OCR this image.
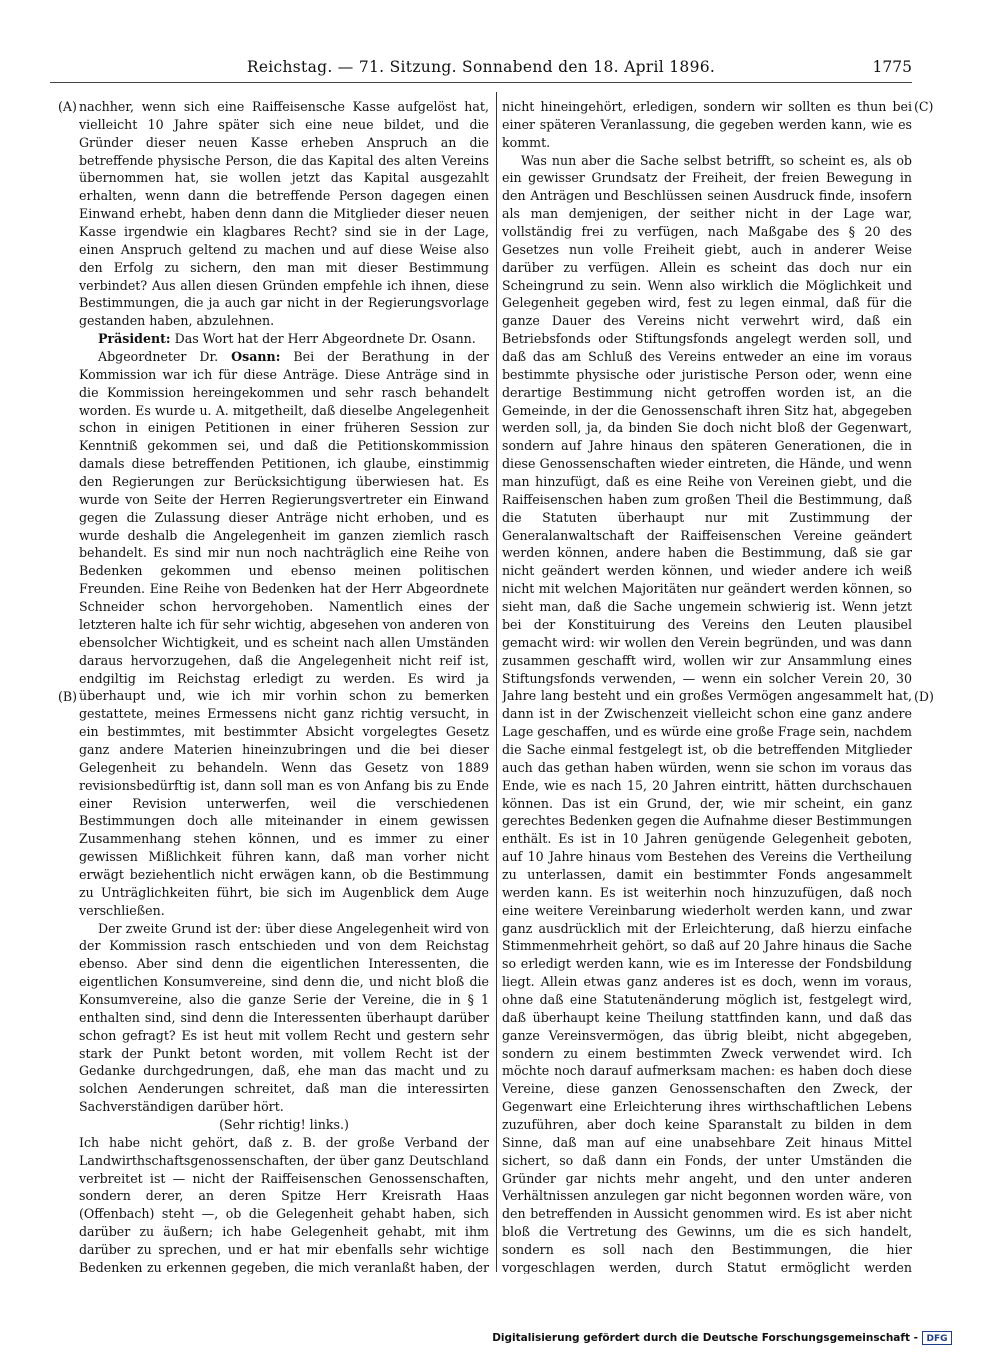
Reichstag. — 71. Sitzung. Sonnabend den 18. April 1896.	1775
(A)
(B)
(C)
(D)

nachher, wenn sich eine Raiffeisensche Kasse aufgelöst hat, vielleicht 10 Jahre später sich eine neue bildet, und die Gründer dieser neuen Kasse erheben Anspruch an die betreffende physische Person, die das Kapital des alten Vereins übernommen hat, sie wollen jetzt das Kapital ausgezahlt erhalten, wenn dann die betreffende Person dagegen einen Einwand erhebt, haben denn dann die Mitglieder dieser neuen Kasse irgendwie ein klagbares Recht? sind sie in der Lage, einen Anspruch geltend zu machen und auf diese Weise also den Erfolg zu sichern, den man mit dieser Bestimmung verbindet? Aus allen diesen Gründen empfehle ich ihnen, diese Bestimmungen, die ja auch gar nicht in der Regierungsvorlage gestanden haben, abzulehnen.

Präsident: Das Wort hat der Herr Abgeordnete Dr. Osann.

Abgeordneter Dr. Osann: Bei der Berathung in der Kommission war ich für diese Anträge. Diese Anträge sind in die Kommission hereingekommen und sehr rasch behandelt worden. Es wurde u. A. mitgetheilt, daß dieselbe Angelegenheit schon in einigen Petitionen in einer früheren Session zur Kenntniß gekommen sei, und daß die Petitionskommission damals diese betreffenden Petitionen, ich glaube, einstimmig den Regierungen zur Berücksichtigung überwiesen hat. Es wurde von Seite der Herren Regierungsvertreter ein Einwand gegen die Zulassung dieser Anträge nicht erhoben, und es wurde deshalb die Angelegenheit im ganzen ziemlich rasch behandelt. Es sind mir nun noch nachträglich eine Reihe von Bedenken gekommen und ebenso meinen politischen Freunden. Eine Reihe von Bedenken hat der Herr Abgeordnete Schneider schon hervorgehoben. Namentlich eines der letzteren halte ich für sehr wichtig, abgesehen von anderen von ebensolcher Wichtigkeit, und es scheint nach allen Umständen daraus hervorzugehen, daß die Angelegenheit nicht reif ist, endgiltig im Reichstag erledigt zu werden. Es wird ja überhaupt und, wie ich mir vorhin schon zu bemerken gestattete, meines Ermessens nicht ganz richtig versucht, in ein bestimmtes, mit bestimmter Absicht vorgelegtes Gesetz ganz andere Materien hineinzubringen und die bei dieser Gelegenheit zu behandeln. Wenn das Gesetz von 1889 revisionsbedürftig ist, dann soll man es von Anfang bis zu Ende einer Revision unterwerfen, weil die verschiedenen Bestimmungen doch alle miteinander in einem gewissen Zusammenhang stehen können, und es immer zu einer gewissen Mißlichkeit führen kann, daß man vorher nicht erwägt beziehentlich nicht erwägen kann, ob die Bestimmung zu Unträglichkeiten führt, bie sich im Augenblick dem Auge verschließen.

Der zweite Grund ist der: über diese Angelegenheit wird von der Kommission rasch entschieden und von dem Reichstag ebenso. Aber sind denn die eigentlichen Interessenten, die eigentlichen Konsumvereine, sind denn die, und nicht bloß die Konsumvereine, also die ganze Serie der Vereine, die in § 1 enthalten sind, sind denn die Interessenten überhaupt darüber schon gefragt? Es ist heut mit vollem Recht und gestern sehr stark der Punkt betont worden, mit vollem Recht ist der Gedanke durchgedrungen, daß, ehe man das macht und zu solchen Aenderungen schreitet, daß man die interessirten Sachverständigen darüber hört.

(Sehr richtig! links.)

Ich habe nicht gehört, daß z. B. der große Verband der Landwirthschaftsgenossenschaften, der über ganz Deutschland verbreitet ist — nicht der Raiffeisenschen Genossenschaften, sondern derer, an deren Spitze Herr Kreisrath Haas (Offenbach) steht —, ob die Gelegenheit gehabt haben, sich darüber zu äußern; ich habe Gelegenheit gehabt, mit ihm darüber zu sprechen, und er hat mir ebenfalls sehr wichtige Bedenken zu erkennen gegeben, die mich veranlaßt haben, der

nicht hineingehört, erledigen, sondern wir sollten es thun bei einer späteren Veranlassung, die gegeben werden kann, wie es kommt.

Was nun aber die Sache selbst betrifft, so scheint es, als ob ein gewisser Grundsatz der Freiheit, der freien Bewegung in den Anträgen und Beschlüssen seinen Ausdruck finde, insofern als man demjenigen, der seither nicht in der Lage war, vollständig frei zu verfügen, nach Maßgabe des § 20 des Gesetzes nun volle Freiheit giebt, auch in anderer Weise darüber zu verfügen. Allein es scheint das doch nur ein Scheingrund zu sein. Wenn also wirklich die Möglichkeit und Gelegenheit gegeben wird, fest zu legen einmal, daß für die ganze Dauer des Vereins nicht verwehrt wird, daß ein Betriebsfonds oder Stiftungsfonds angelegt werden soll, und daß das am Schluß des Vereins entweder an eine im voraus bestimmte physische oder juristische Person oder, wenn eine derartige Bestimmung nicht getroffen worden ist, an die Gemeinde, in der die Genossenschaft ihren Sitz hat, abgegeben werden soll, ja, da binden Sie doch nicht bloß der Gegenwart, sondern auf Jahre hinaus den späteren Generationen, die in diese Genossenschaften wieder eintreten, die Hände, und wenn man hinzufügt, daß es eine Reihe von Vereinen giebt, und die Raiffeisenschen haben zum großen Theil die Bestimmung, daß die Statuten überhaupt nur mit Zustimmung der Generalanwaltschaft der Raiffeisenschen Vereine geändert werden können, andere haben die Bestimmung, daß sie gar nicht geändert werden können, und wieder andere ich weiß nicht mit welchen Majoritäten nur geändert werden können, so sieht man, daß die Sache ungemein schwierig ist. Wenn jetzt bei der Konstituirung des Vereins den Leuten plausibel gemacht wird: wir wollen den Verein begründen, und was dann zusammen geschafft wird, wollen wir zur Ansammlung eines Stiftungsfonds verwenden, — wenn ein solcher Verein 20, 30 Jahre lang besteht und ein großes Vermögen angesammelt hat, dann ist in der Zwischenzeit vielleicht schon eine ganz andere Lage geschaffen, und es würde eine große Frage sein, nachdem die Sache einmal festgelegt ist, ob die betreffenden Mitglieder auch das gethan haben würden, wenn sie schon im voraus das Ende, wie es nach 15, 20 Jahren eintritt, hätten durchschauen können. Das ist ein Grund, der, wie mir scheint, ein ganz gerechtes Bedenken gegen die Aufnahme dieser Bestimmungen enthält. Es ist in 10 Jahren genügende Gelegenheit geboten, auf 10 Jahre hinaus vom Bestehen des Vereins die Vertheilung zu unterlassen, damit ein bestimmter Fonds angesammelt werden kann. Es ist weiterhin noch hinzuzufügen, daß noch eine weitere Vereinbarung wiederholt werden kann, und zwar ganz ausdrücklich mit der Erleichterung, daß hierzu einfache Stimmenmehrheit gehört, so daß auf 20 Jahre hinaus die Sache so erledigt werden kann, wie es im Interesse der Fondsbildung liegt. Allein etwas ganz anderes ist es doch, wenn im voraus, ohne daß eine Statutenänderung möglich ist, festgelegt wird, daß überhaupt keine Theilung stattfinden kann, und daß das ganze Vereinsvermögen, das übrig bleibt, nicht abgegeben, sondern zu einem bestimmten Zweck verwendet wird. Ich möchte noch darauf aufmerksam machen: es haben doch diese Vereine, diese ganzen Genossenschaften den Zweck, der Gegenwart eine Erleichterung ihres wirthschaftlichen Lebens zuzuführen, aber doch keine Sparanstalt zu bilden in dem Sinne, daß man auf eine unabsehbare Zeit hinaus Mittel sichert, so daß dann ein Fonds, der unter Umständen die Gründer gar nichts mehr angeht, und den unter anderen Verhältnissen anzulegen gar nicht begonnen worden wäre, von den betreffenden in Aussicht genommen wird. Es ist aber nicht bloß die Vertretung des Gewinns, um die es sich handelt, sondern es soll nach den Bestimmungen, die hier vorgeschlagen werden, durch Statut ermöglicht werden

Digitalisierung gefördert durch die Deutsche Forschungsgemeinschaft - DFG
